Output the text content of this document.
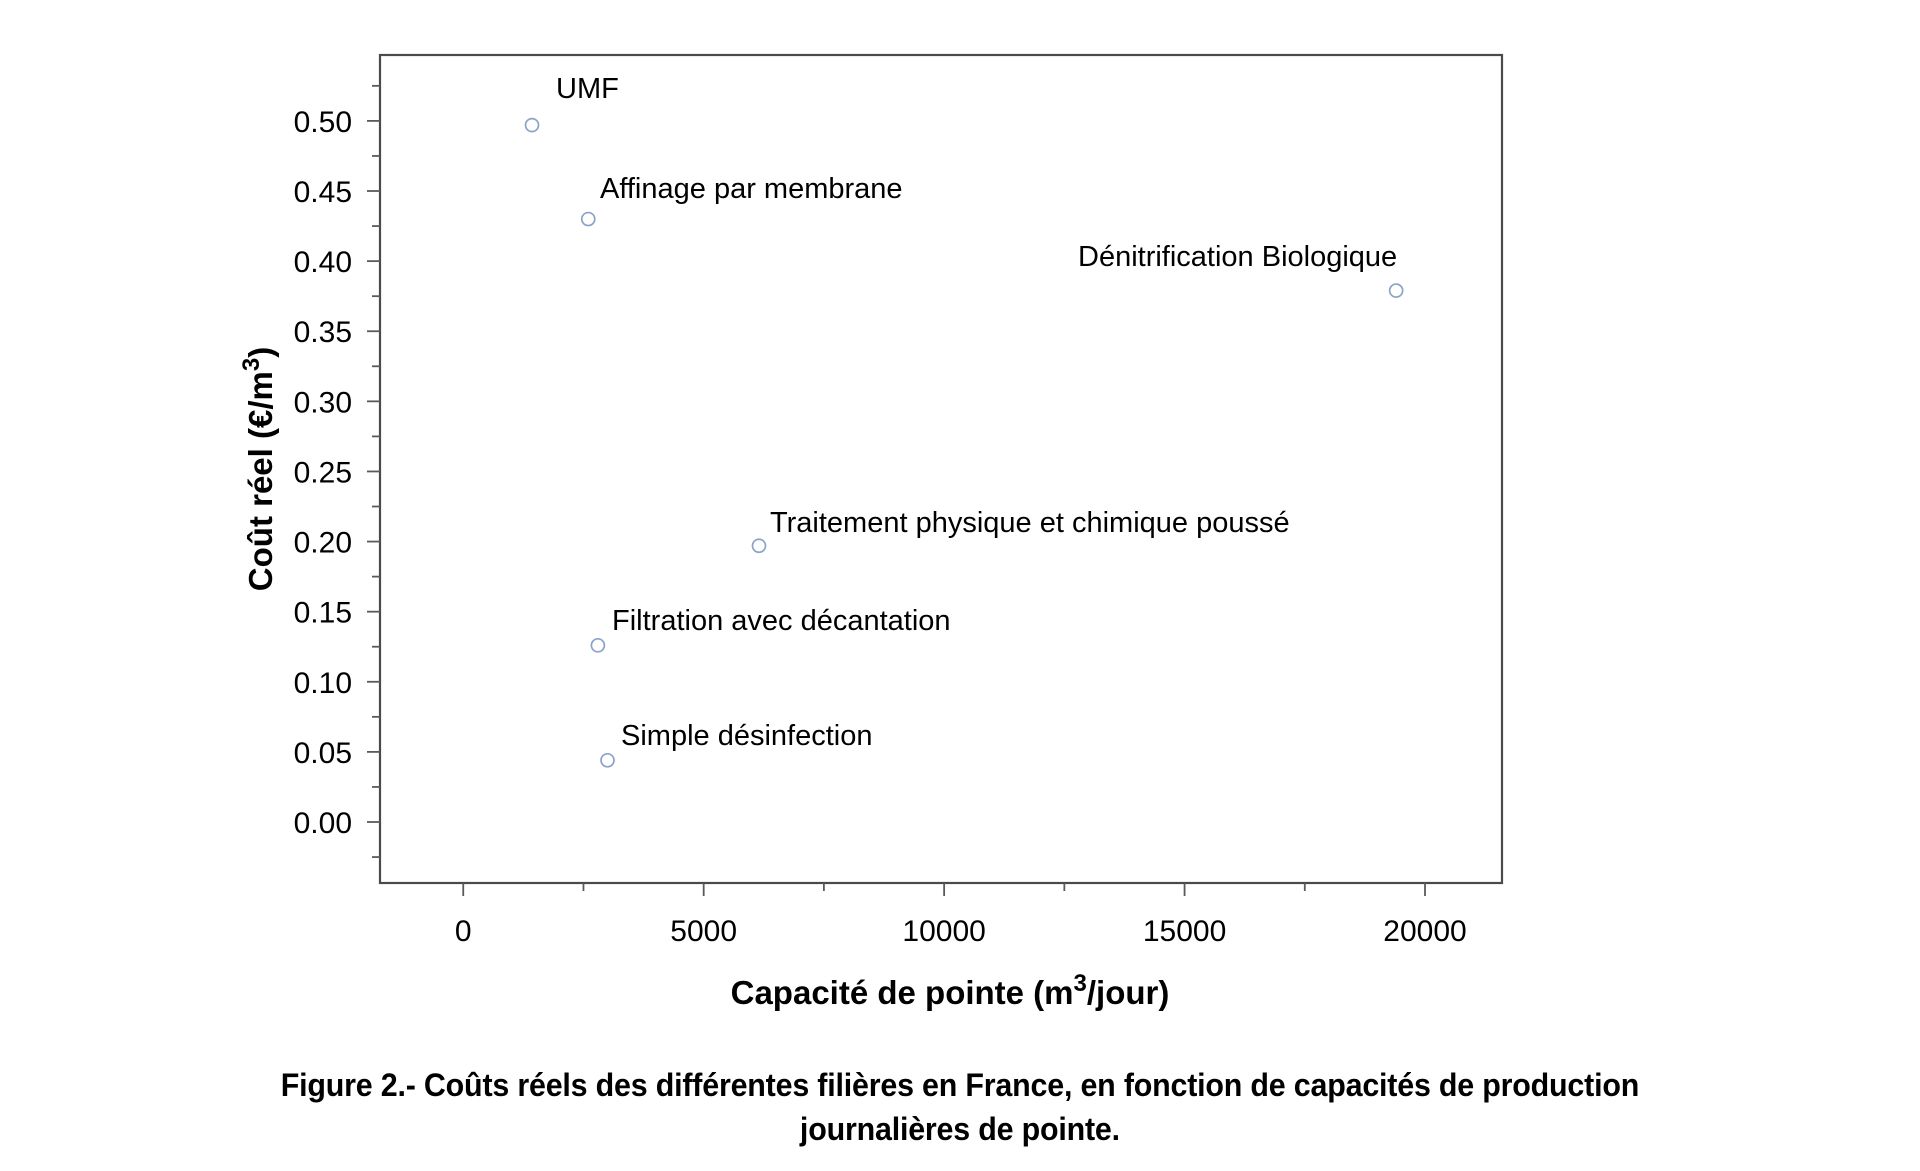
0	5000	10000	15000	20000
0.00
0.05
0.10
0.15
0.20
0.25
0.30
0.35
0.40
0.45
0.50
Capacité de pointe $(m^3/jour)$
Coût réel $(€/m^3)$
UMF
Affinage par membrane
Dénitrification Biologique
Traitement physique et chimique poussé
Filtration avec décantation
Simple désinfection
Figure 2.- Coûts réels des différentes filières en France, en fonction de capacités de production
journalières de pointe.
